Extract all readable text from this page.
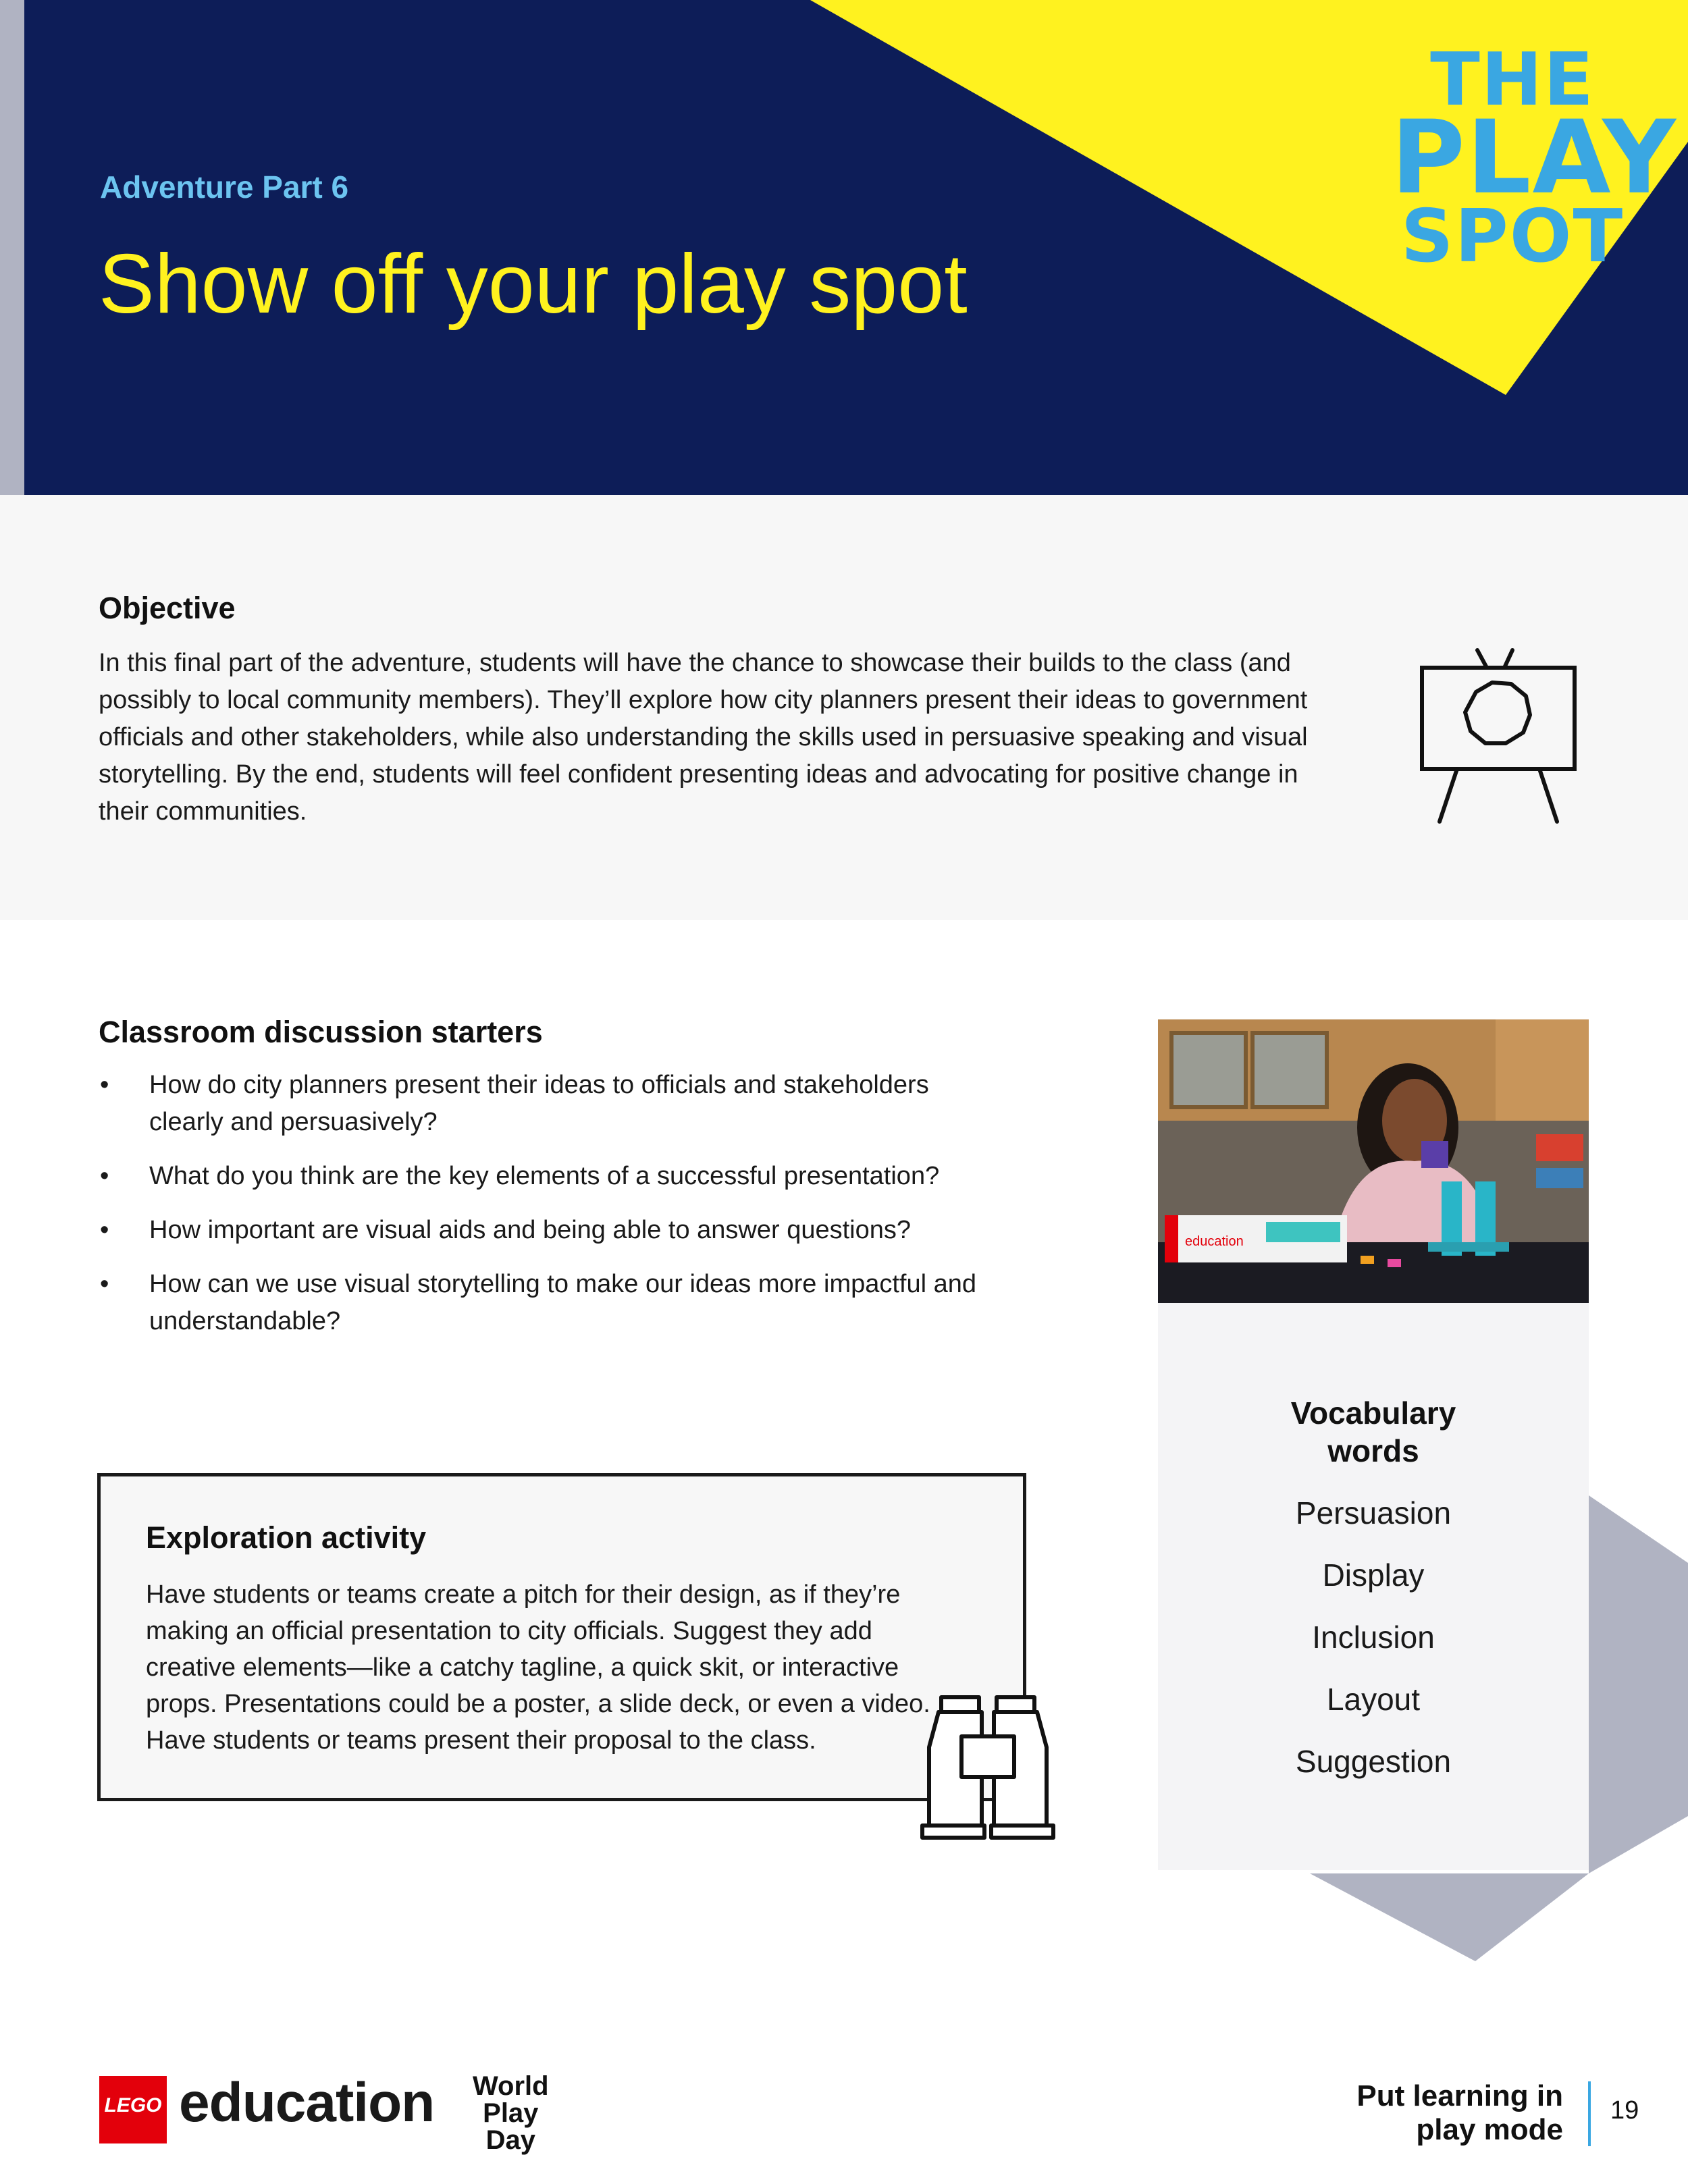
Adventure Part 6
Show off your play spot
THE
PLAY
SPOT
Objective
In this final part of the adventure, students will have the chance to showcase their builds to the class (and possibly to local community members). They’ll explore how city planners present their ideas to government officials and other stakeholders, while also understanding the skills used in persuasive speaking and visual storytelling. By the end, students will feel confident presenting ideas and advocating for positive change in their communities.
Classroom discussion starters
• How do city planners present their ideas to officials and stakeholders clearly and persuasively?
• What do you think are the key elements of a successful presentation?
• How important are visual aids and being able to answer questions?
• How can we use visual storytelling to make our ideas more impactful and understandable?
Exploration activity
Have students or teams create a pitch for their design, as if they’re making an official presentation to city officials. Suggest they add creative elements—like a catchy tagline, a quick skit, or interactive props. Presentations could be a poster, a slide deck, or even a video. Have students or teams present their proposal to the class.
education
Vocabulary
words
Persuasion
Display
Inclusion
Layout
Suggestion
LEGO education World
Play
Day
Put learning in
play mode
19
